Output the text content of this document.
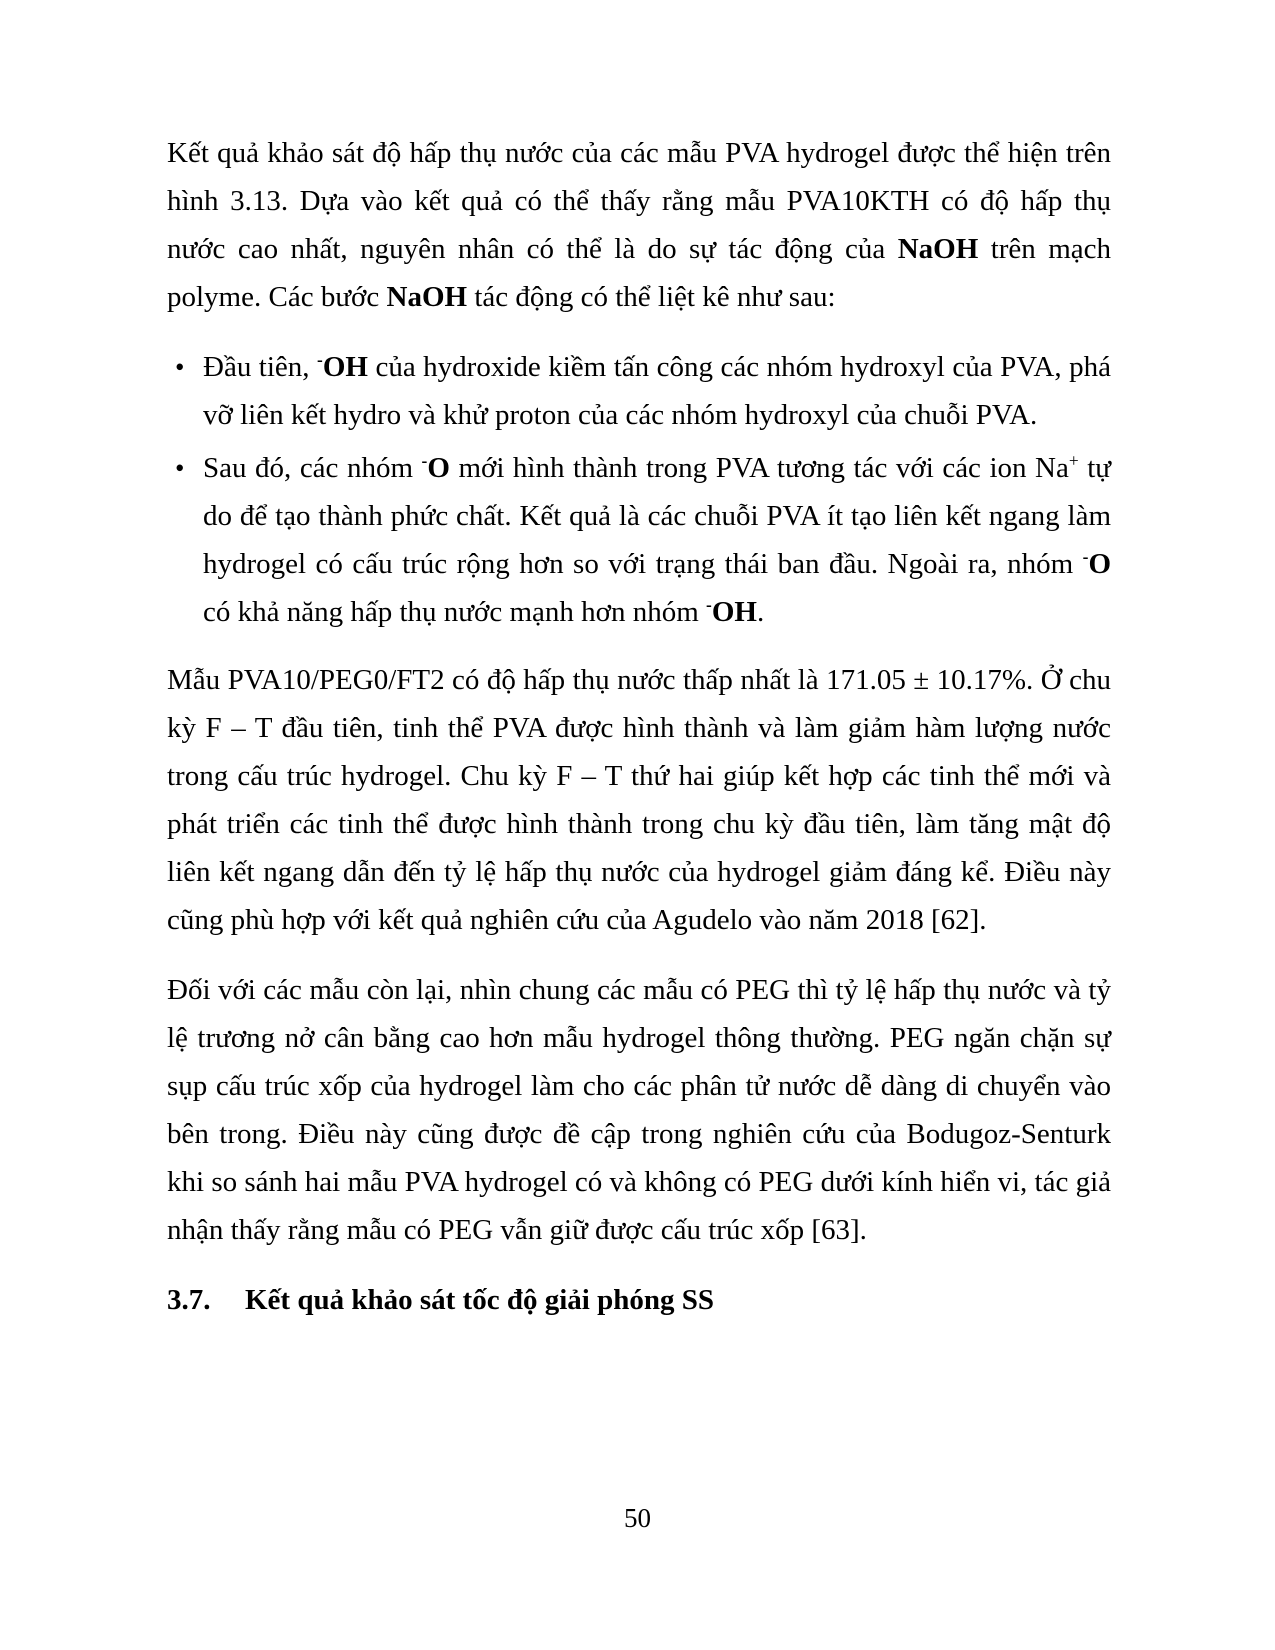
Kết quả khảo sát độ hấp thụ nước của các mẫu PVA hydrogel được thể hiện trên hình 3.13. Dựa vào kết quả có thể thấy rằng mẫu PVA10KTH có độ hấp thụ nước cao nhất, nguyên nhân có thể là do sự tác động của NaOH trên mạch polyme. Các bước NaOH tác động có thể liệt kê như sau:

• Đầu tiên, -OH của hydroxide kiềm tấn công các nhóm hydroxyl của PVA, phá vỡ liên kết hydro và khử proton của các nhóm hydroxyl của chuỗi PVA.
• Sau đó, các nhóm -O mới hình thành trong PVA tương tác với các ion Na+ tự do để tạo thành phức chất. Kết quả là các chuỗi PVA ít tạo liên kết ngang làm hydrogel có cấu trúc rộng hơn so với trạng thái ban đầu. Ngoài ra, nhóm -O có khả năng hấp thụ nước mạnh hơn nhóm -OH.

Mẫu PVA10/PEG0/FT2 có độ hấp thụ nước thấp nhất là 171.05 ± 10.17%. Ở chu kỳ F – T đầu tiên, tinh thể PVA được hình thành và làm giảm hàm lượng nước trong cấu trúc hydrogel. Chu kỳ F – T thứ hai giúp kết hợp các tinh thể mới và phát triển các tinh thể được hình thành trong chu kỳ đầu tiên, làm tăng mật độ liên kết ngang dẫn đến tỷ lệ hấp thụ nước của hydrogel giảm đáng kể. Điều này cũng phù hợp với kết quả nghiên cứu của Agudelo vào năm 2018 [62].

Đối với các mẫu còn lại, nhìn chung các mẫu có PEG thì tỷ lệ hấp thụ nước và tỷ lệ trương nở cân bằng cao hơn mẫu hydrogel thông thường. PEG ngăn chặn sự sụp cấu trúc xốp của hydrogel làm cho các phân tử nước dễ dàng di chuyển vào bên trong. Điều này cũng được đề cập trong nghiên cứu của Bodugoz-Senturk khi so sánh hai mẫu PVA hydrogel có và không có PEG dưới kính hiển vi, tác giả nhận thấy rằng mẫu có PEG vẫn giữ được cấu trúc xốp [63].

3.7.	Kết quả khảo sát tốc độ giải phóng SS
50
